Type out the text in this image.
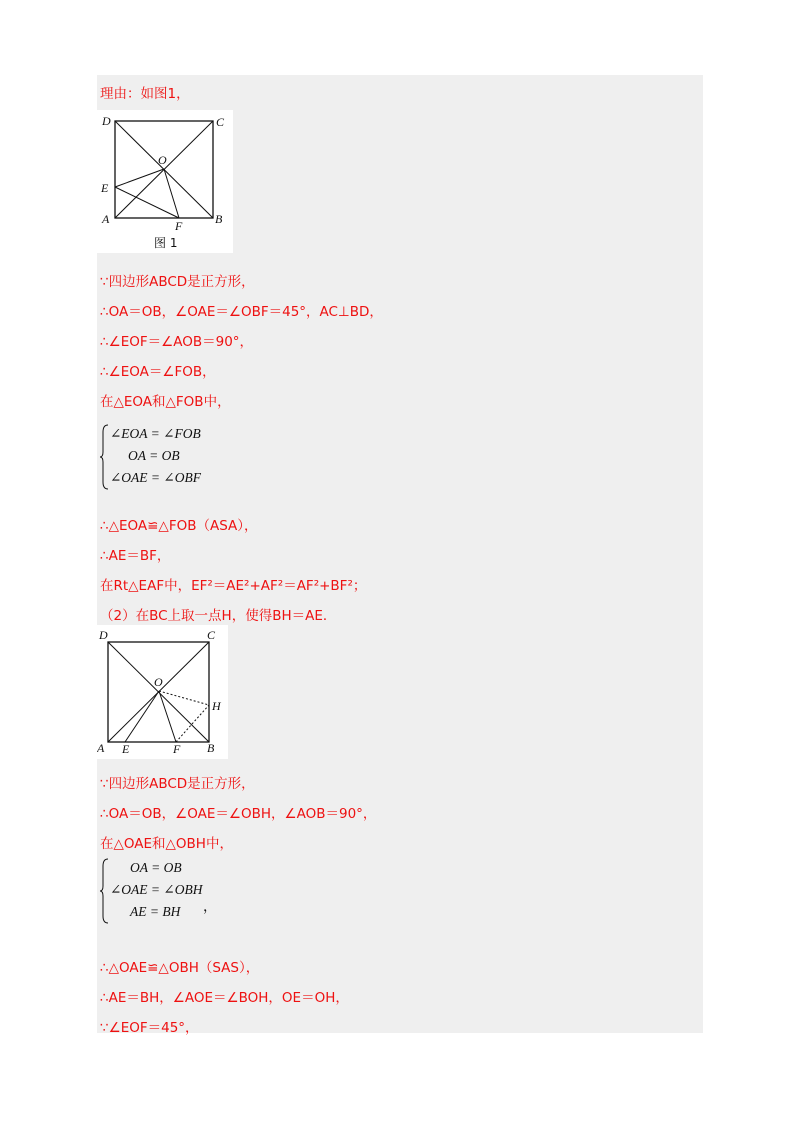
理由：如图1，
D	C
O
E
A	F	B
图 1
∵四边形ABCD是正方形，
∴OA＝OB，∠OAE＝∠OBF＝45°，AC⊥BD，
∴∠EOF＝∠AOB＝90°，
∴∠EOA＝∠FOB，
在△EOA和△FOB中，
∠EOA = ∠FOB
OA = OB
∠OAE = ∠OBF
∴△EOA≌△FOB（ASA），
∴AE＝BF，
在Rt△EAF中，EF²＝AE²+AF²＝AF²+BF²；
（2）在BC上取一点H，使得BH＝AE．
D	C
O
H
A E	F B
∵四边形ABCD是正方形，
∴OA＝OB，∠OAE＝∠OBH，∠AOB＝90°，
在△OAE和△OBH中，
OA = OB
∠OAE = ∠OBH
AE = BH ，
∴△OAE≌△OBH（SAS），
∴AE＝BH，∠AOE＝∠BOH，OE＝OH，
∵∠EOF＝45°，
